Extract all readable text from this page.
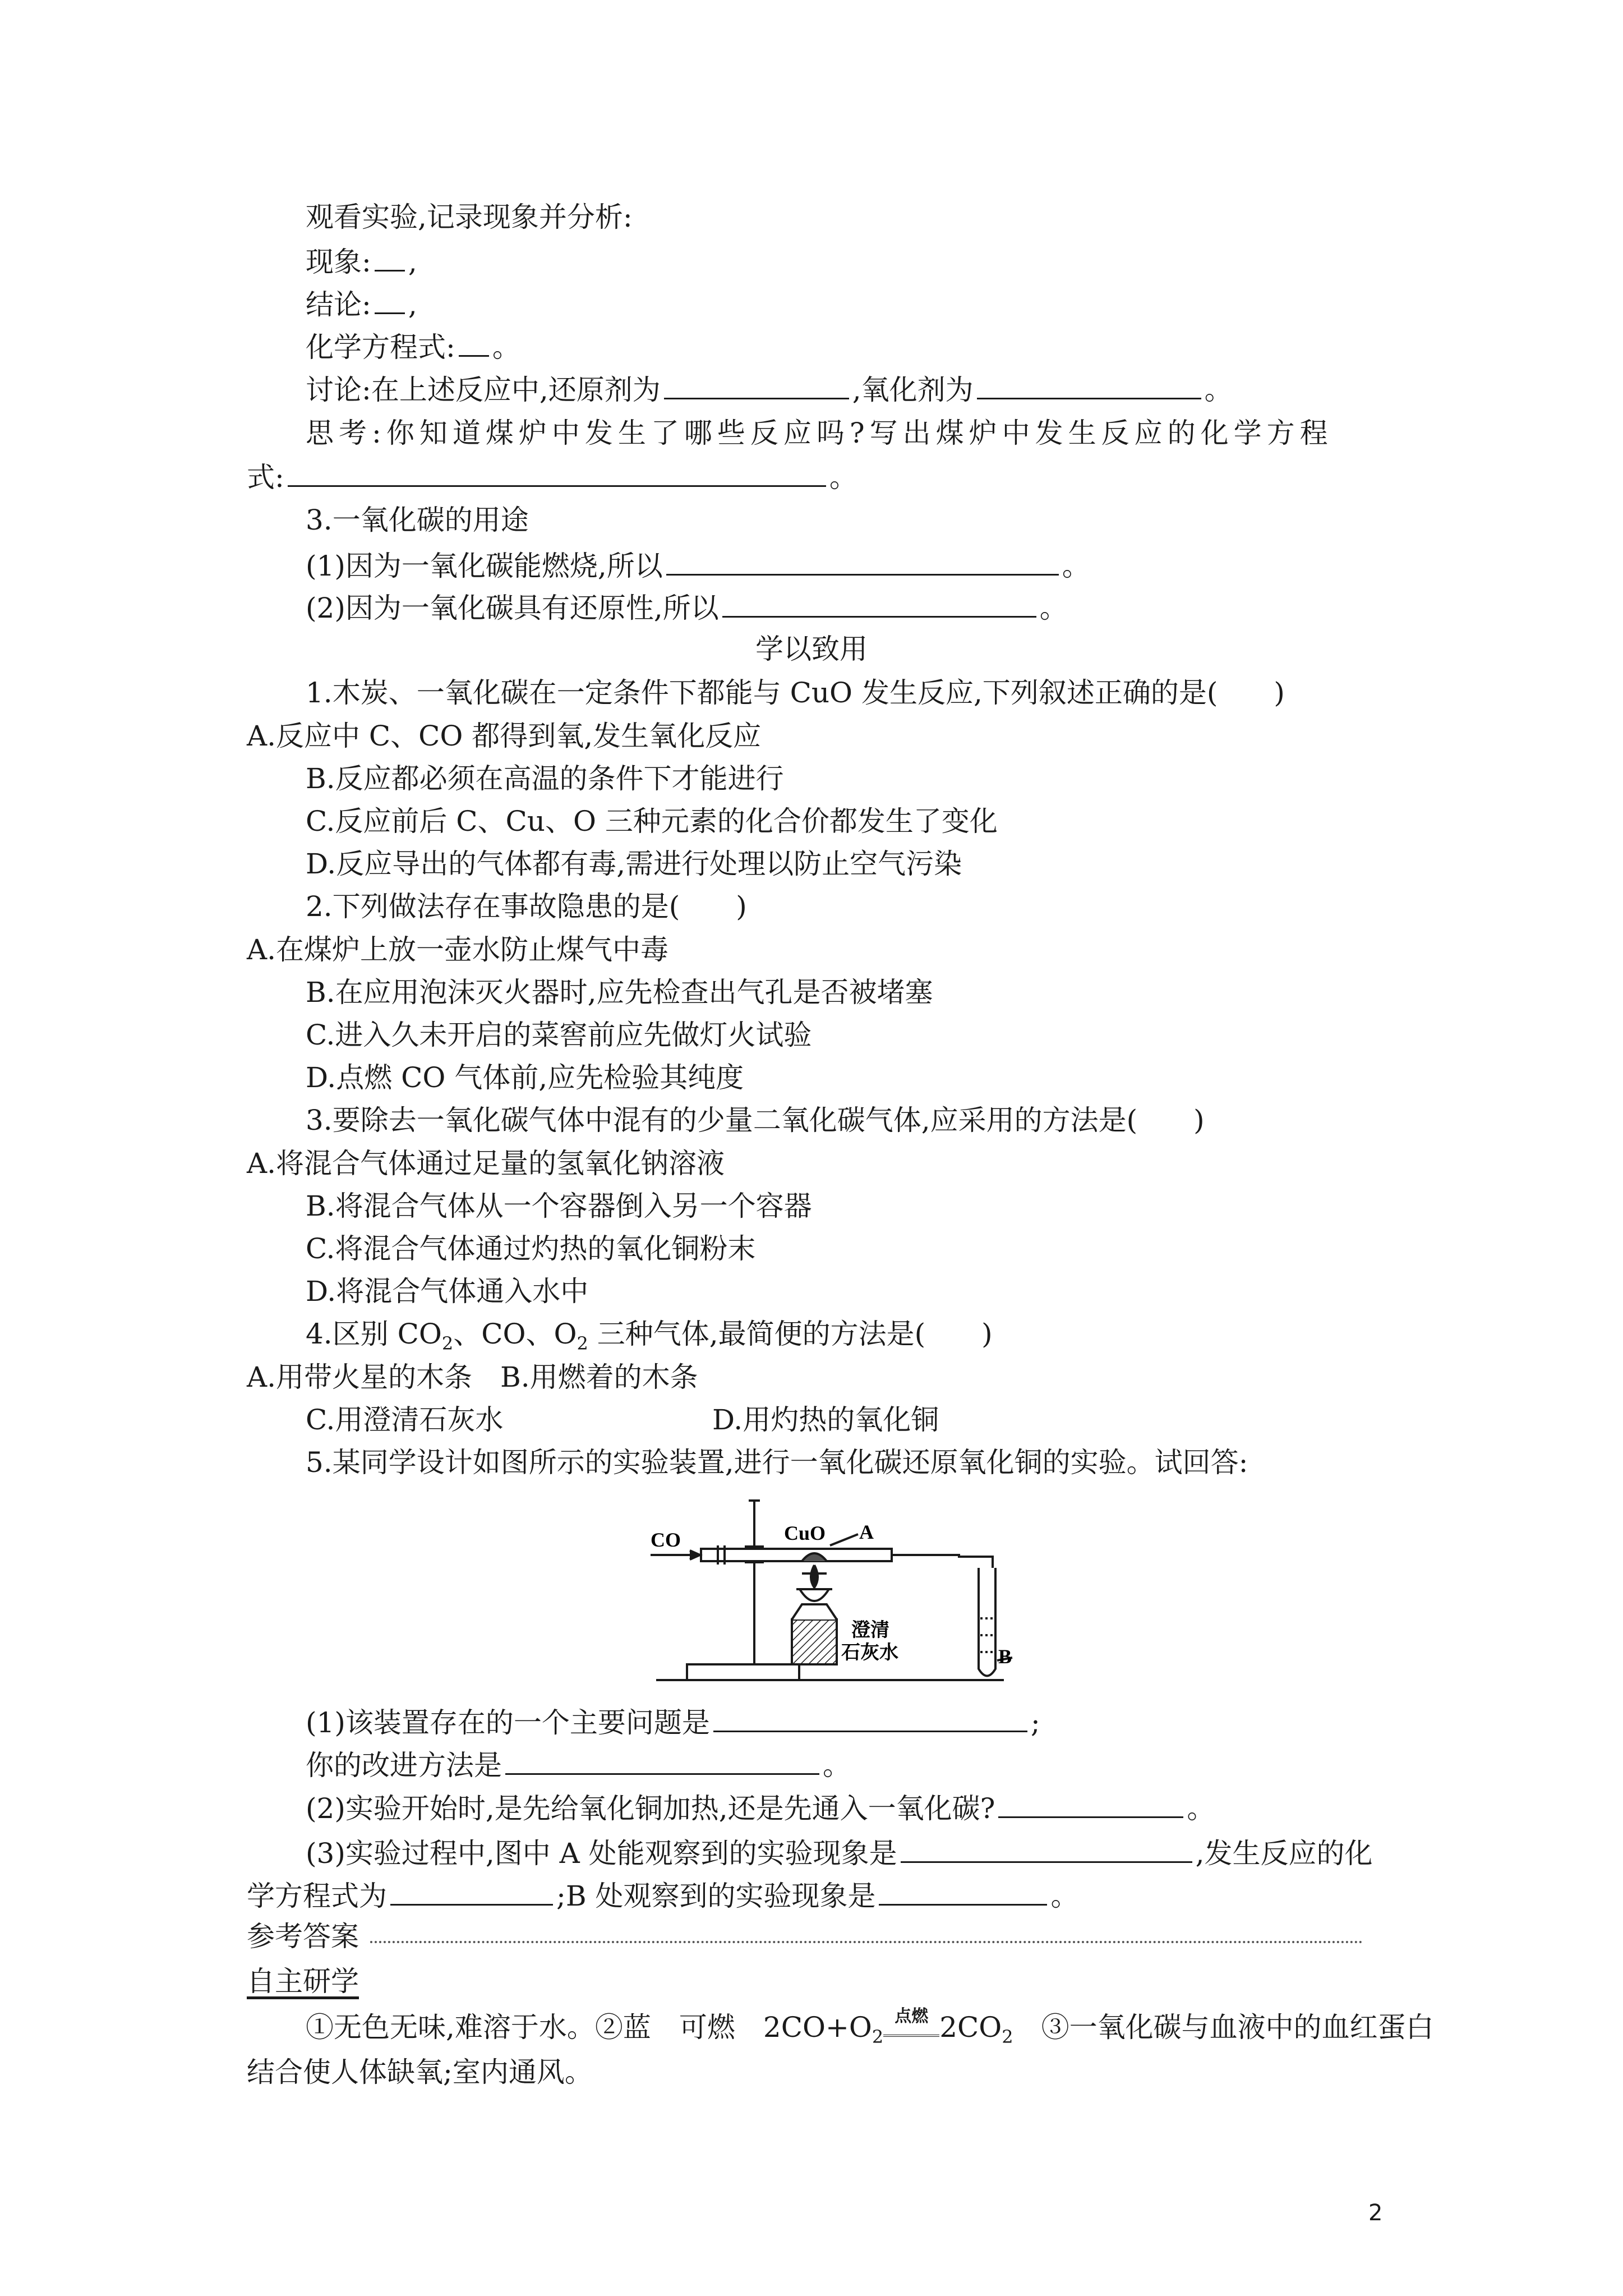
观看实验,记录现象并分析:
现象: ,
结论: ,
化学方程式: 。
讨论:在上述反应中,还原剂为	,氧化剂为	。
思考:你知道煤炉中发生了哪些反应吗?写出煤炉中发生反应的化学方程
式:	。
3.一氧化碳的用途
(1)因为一氧化碳能燃烧,所以	。
(2)因为一氧化碳具有还原性,所以	。
学以致用
1.木炭、一氧化碳在一定条件下都能与 CuO 发生反应,下列叙述正确的是(　　)
A.反应中 C、CO 都得到氧,发生氧化反应
B.反应都必须在高温的条件下才能进行
C.反应前后 C、Cu、O 三种元素的化合价都发生了变化
D.反应导出的气体都有毒,需进行处理以防止空气污染
2.下列做法存在事故隐患的是(　　)
A.在煤炉上放一壶水防止煤气中毒
B.在应用泡沫灭火器时,应先检查出气孔是否被堵塞
C.进入久未开启的菜窖前应先做灯火试验
D.点燃 CO 气体前,应先检验其纯度
3.要除去一氧化碳气体中混有的少量二氧化碳气体,应采用的方法是(　　)
A.将混合气体通过足量的氢氧化钠溶液
B.将混合气体从一个容器倒入另一个容器
C.将混合气体通过灼热的氧化铜粉末
D.将混合气体通入水中
4.区别 $CO_2$、CO、$O_2$ 三种气体,最简便的方法是(　　)
A.用带火星的木条　B.用燃着的木条
C.用澄清石灰水	D.用灼热的氧化铜
5.某同学设计如图所示的实验装置,进行一氧化碳还原氧化铜的实验。试回答:
CO	CuO A
B
澄清
石灰水
(1)该装置存在的一个主要问题是	;
你的改进方法是	。
(2)实验开始时,是先给氧化铜加热,还是先通入一氧化碳?	。
(3)实验过程中,图中 A 处能观察到的实验现象是	,发生反应的化
学方程式为	;B 处观察到的实验现象是	。
参考答案
自主研学
①无色无味,难溶于水。②蓝　可燃　$2CO+O_2$
点燃 $2CO_2$　③一氧化碳与血液中的血红蛋白
结合使人体缺氧;室内通风。
2
